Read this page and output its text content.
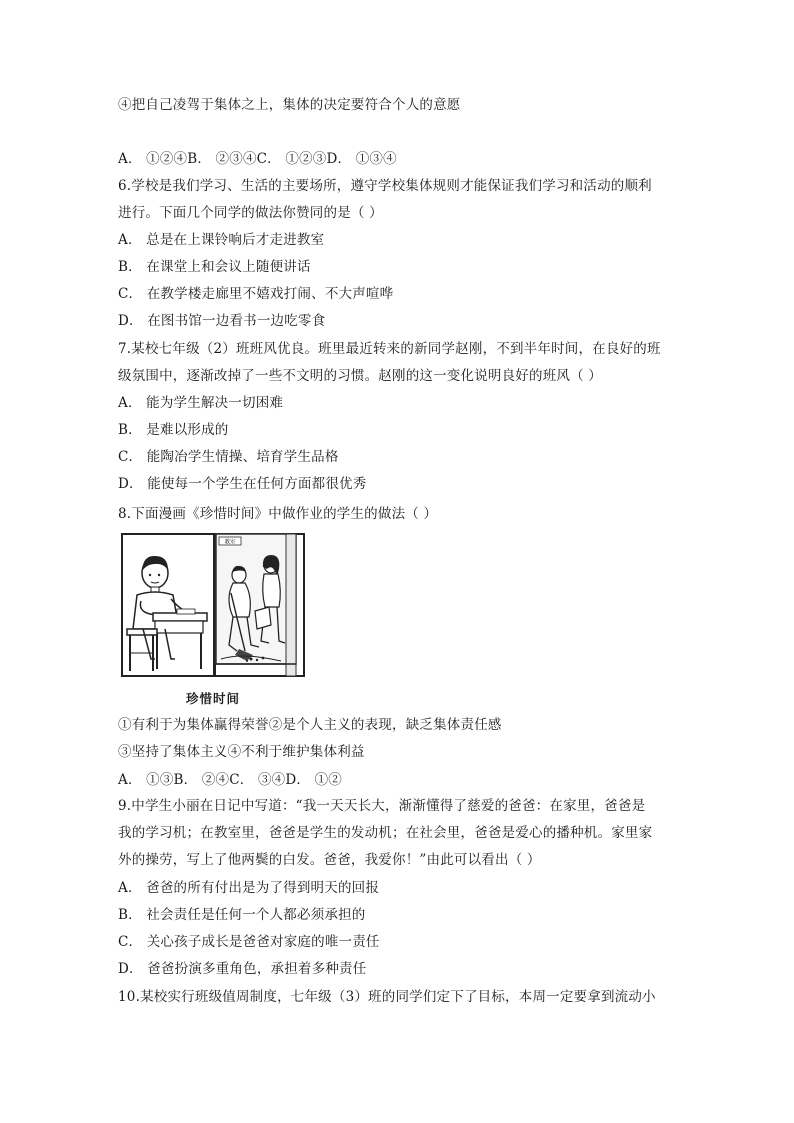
④把自己凌驾于集体之上，集体的决定要符合个人的意愿
A． ①②④B． ②③④C． ①②③D． ①③④
6.学校是我们学习、生活的主要场所，遵守学校集体规则才能保证我们学习和活动的顺利
进行。下面几个同学的做法你赞同的是（ ）
A． 总是在上课铃响后才走进教室
B． 在课堂上和会议上随便讲话
C． 在教学楼走廊里不嬉戏打闹、不大声喧哗
D． 在图书馆一边看书一边吃零食
7.某校七年级（2）班班风优良。班里最近转来的新同学赵刚，不到半年时间，在良好的班
级氛围中，逐渐改掉了一些不文明的习惯。赵刚的这一变化说明良好的班风（ ）
A． 能为学生解决一切困难
B． 是难以形成的
C． 能陶冶学生情操、培育学生品格
D． 能使每一个学生在任何方面都很优秀
8.下面漫画《珍惜时间》中做作业的学生的做法（ ）
教室
珍惜时间
①有利于为集体赢得荣誉②是个人主义的表现，缺乏集体责任感
③坚持了集体主义④不利于维护集体利益
A． ①③B． ②④C． ③④D． ①②
9.中学生小丽在日记中写道：“我一天天长大，渐渐懂得了慈爱的爸爸：在家里，爸爸是
我的学习机；在教室里，爸爸是学生的发动机；在社会里，爸爸是爱心的播种机。家里家
外的操劳，写上了他两鬓的白发。爸爸，我爱你！”由此可以看出（ ）
A． 爸爸的所有付出是为了得到明天的回报
B． 社会责任是任何一个人都必须承担的
C． 关心孩子成长是爸爸对家庭的唯一责任
D． 爸爸扮演多重角色，承担着多种责任
10.某校实行班级值周制度，七年级（3）班的同学们定下了目标，本周一定要拿到流动小
